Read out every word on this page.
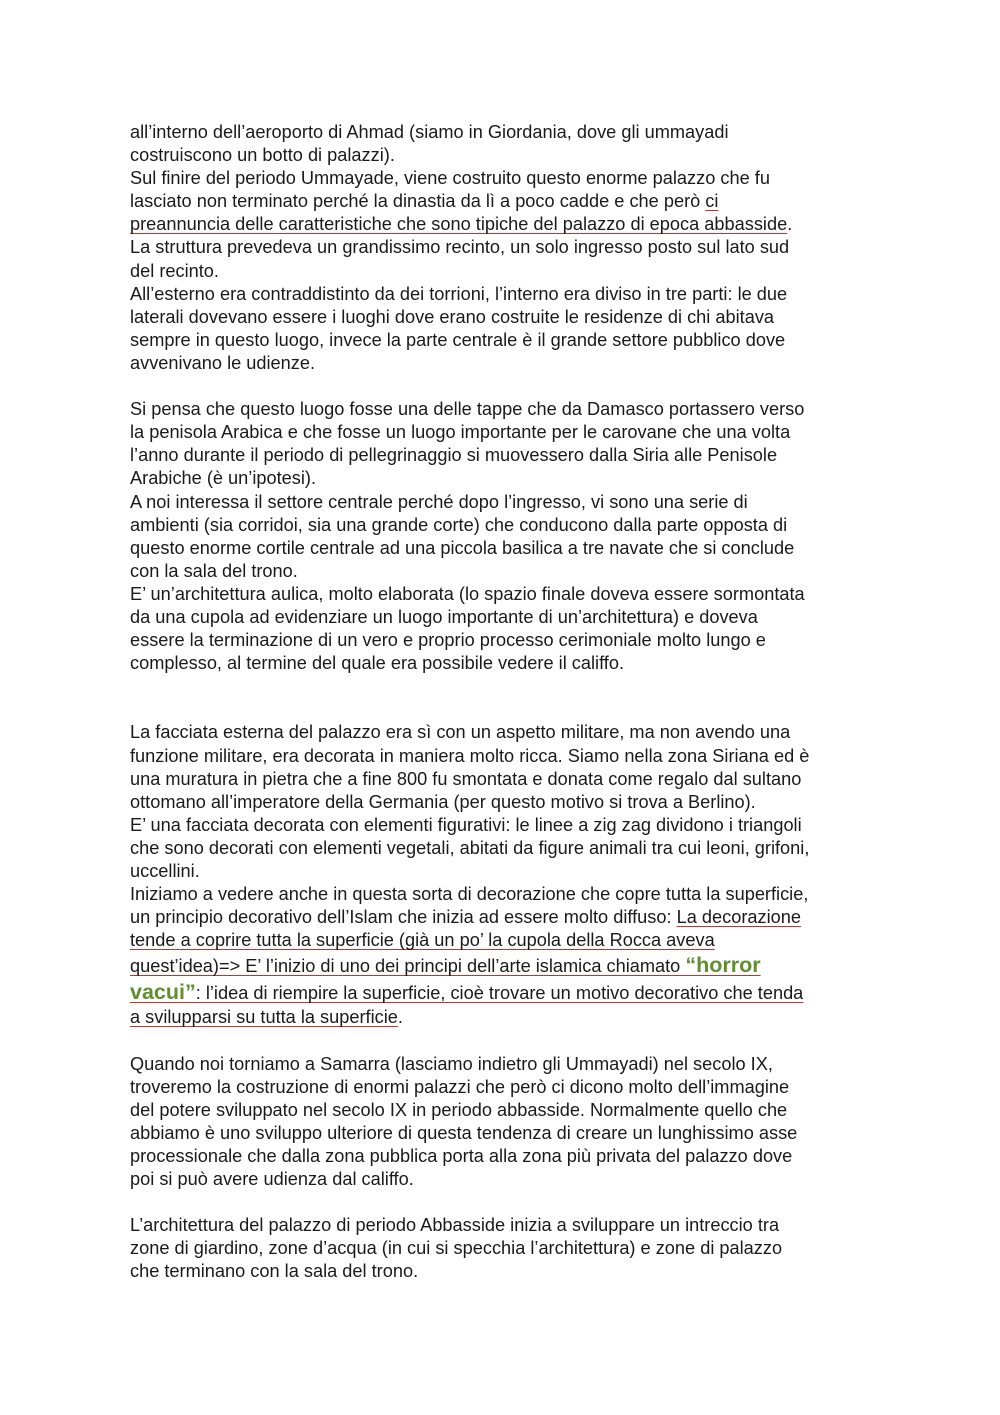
all’interno dell’aeroporto di Ahmad (siamo in Giordania, dove gli ummayadi
costruiscono un botto di palazzi).
Sul finire del periodo Ummayade, viene costruito questo enorme palazzo che fu
lasciato non terminato perché la dinastia da lì a poco cadde e che però ci
preannuncia delle caratteristiche che sono tipiche del palazzo di epoca abbasside.
La struttura prevedeva un grandissimo recinto, un solo ingresso posto sul lato sud
del recinto.
All’esterno era contraddistinto da dei torrioni, l’interno era diviso in tre parti: le due
laterali dovevano essere i luoghi dove erano costruite le residenze di chi abitava
sempre in questo luogo, invece la parte centrale è il grande settore pubblico dove
avvenivano le udienze.
Si pensa che questo luogo fosse una delle tappe che da Damasco portassero verso
la penisola Arabica e che fosse un luogo importante per le carovane che una volta
l’anno durante il periodo di pellegrinaggio si muovessero dalla Siria alle Penisole
Arabiche (è un’ipotesi).
A noi interessa il settore centrale perché dopo l’ingresso, vi sono una serie di
ambienti (sia corridoi, sia una grande corte) che conducono dalla parte opposta di
questo enorme cortile centrale ad una piccola basilica a tre navate che si conclude
con la sala del trono.
E’ un’architettura aulica, molto elaborata (lo spazio finale doveva essere sormontata
da una cupola ad evidenziare un luogo importante di un’architettura) e doveva
essere la terminazione di un vero e proprio processo cerimoniale molto lungo e
complesso, al termine del quale era possibile vedere il califfo.
La facciata esterna del palazzo era sì con un aspetto militare, ma non avendo una
funzione militare, era decorata in maniera molto ricca. Siamo nella zona Siriana ed è
una muratura in pietra che a fine 800 fu smontata e donata come regalo dal sultano
ottomano all’imperatore della Germania (per questo motivo si trova a Berlino).
E’ una facciata decorata con elementi figurativi: le linee a zig zag dividono i triangoli
che sono decorati con elementi vegetali, abitati da figure animali tra cui leoni, grifoni,
uccellini.
Iniziamo a vedere anche in questa sorta di decorazione che copre tutta la superficie,
un principio decorativo dell’Islam che inizia ad essere molto diffuso: La decorazione
tende a coprire tutta la superficie (già un po’ la cupola della Rocca aveva
quest’idea)=> E’ l’inizio di uno dei principi dell’arte islamica chiamato “horror
vacui”: l’idea di riempire la superficie, cioè trovare un motivo decorativo che tenda
a svilupparsi su tutta la superficie.
Quando noi torniamo a Samarra (lasciamo indietro gli Ummayadi) nel secolo IX,
troveremo la costruzione di enormi palazzi che però ci dicono molto dell’immagine
del potere sviluppato nel secolo IX in periodo abbasside. Normalmente quello che
abbiamo è uno sviluppo ulteriore di questa tendenza di creare un lunghissimo asse
processionale che dalla zona pubblica porta alla zona più privata del palazzo dove
poi si può avere udienza dal califfo.
L’architettura del palazzo di periodo Abbasside inizia a sviluppare un intreccio tra
zone di giardino, zone d’acqua (in cui si specchia l’architettura) e zone di palazzo
che terminano con la sala del trono.
